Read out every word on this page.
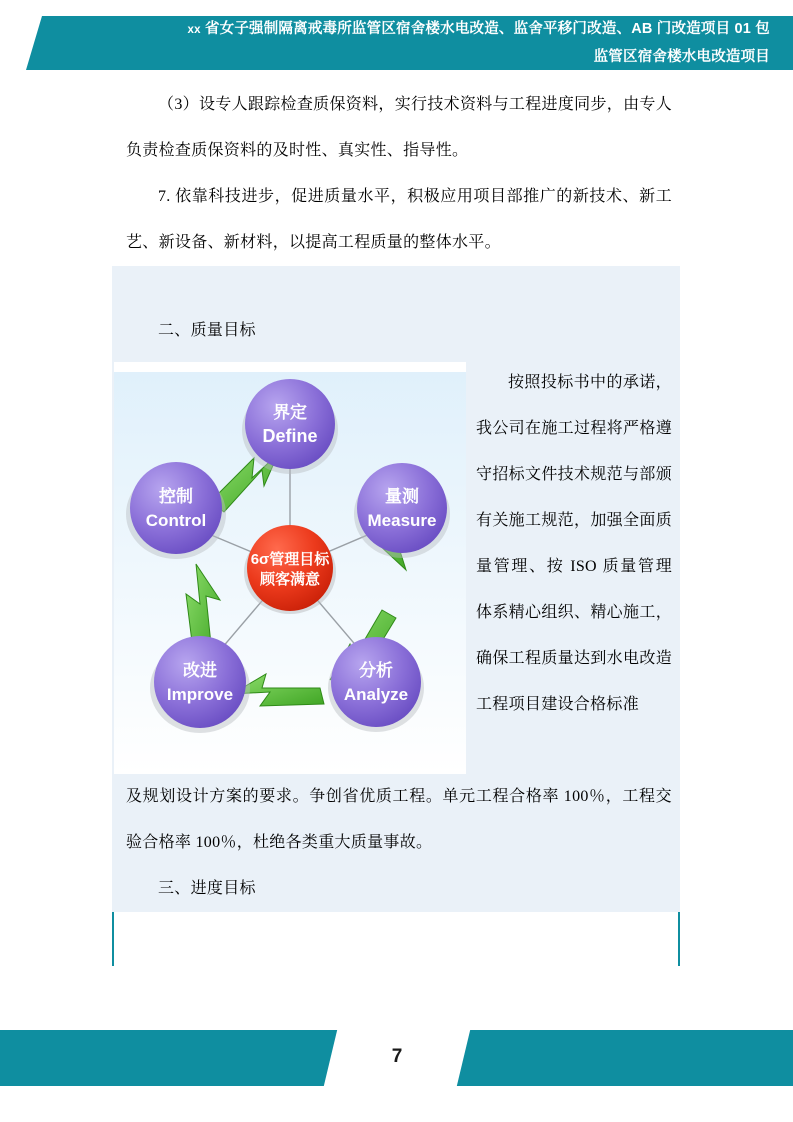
xx 省女子强制隔离戒毒所监管区宿舍楼水电改造、监舍平移门改造、AB 门改造项目 01 包
监管区宿舍楼水电改造项目
（3）设专人跟踪检查质保资料，实行技术资料与工程进度同步，由专人负责检查质保资料的及时性、真实性、指导性。
7. 依靠科技进步，促进质量水平，积极应用项目部推广的新技术、新工艺、新设备、新材料，以提高工程质量的整体水平。
二、质量目标
6σ管理目标
顾客满意
界定
Define
量测
Measure
分析
Analyze
改进
Improve
控制
Control
按照投标书中的承诺，我公司在施工过程将严格遵守招标文件技术规范与部颁有关施工规范，加强全面质量管理、按 ISO 质量管理体系精心组织、精心施工，确保工程质量达到水电改造工程项目建设合格标准
及规划设计方案的要求。争创省优质工程。单元工程合格率 100％，工程交验合格率 100％，杜绝各类重大质量事故。
三、进度目标
7
